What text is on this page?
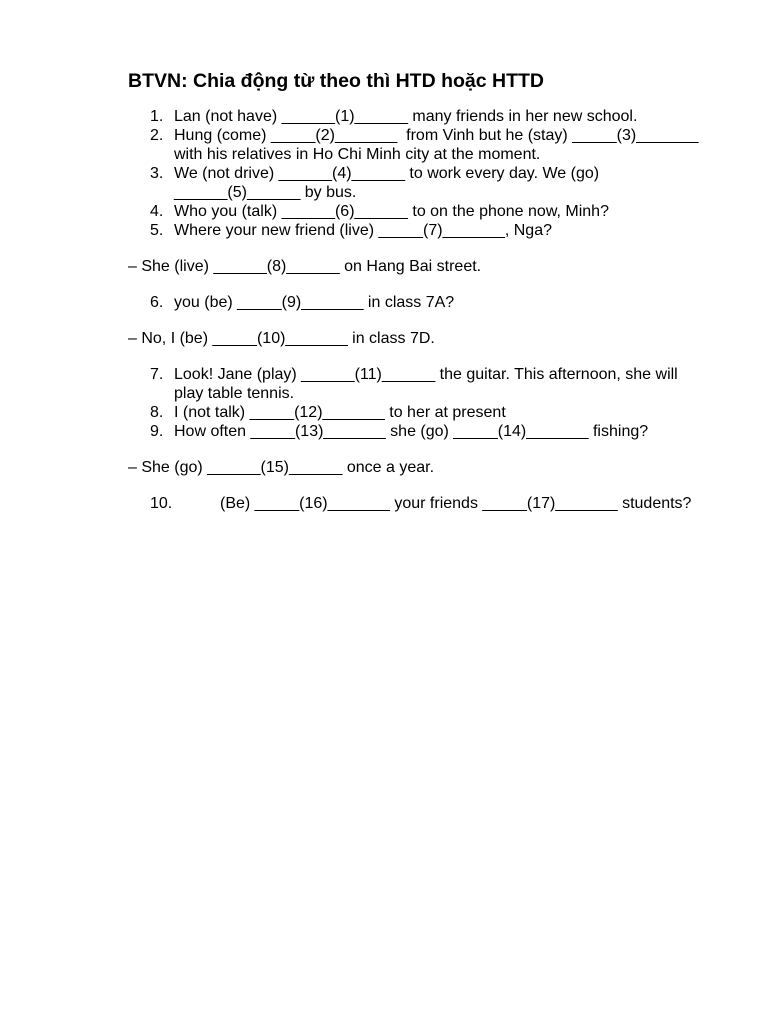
BTVN: Chia động từ theo thì HTD hoặc HTTD
1. Lan (not have) ______(1)______ many friends in her new school.
2. Hung (come) _____(2)_______  from Vinh but he (stay) _____(3)_______ with his relatives in Ho Chi Minh city at the moment.
3. We (not drive) ______(4)______ to work every day. We (go) ______(5)______ by bus.
4. Who you (talk) ______(6)______ to on the phone now, Minh?
5. Where your new friend (live) _____(7)_______, Nga?
– She (live) ______(8)______ on Hang Bai street.
6. you (be) _____(9)_______ in class 7A?
– No, I (be) _____(10)_______ in class 7D.
7. Look! Jane (play) ______(11)______ the guitar. This afternoon, she will play table tennis.
8. I (not talk) _____(12)_______ to her at present
9. How often _____(13)_______ she (go) _____(14)_______ fishing?
– She (go) ______(15)______ once a year.
10.	(Be) _____(16)_______ your friends _____(17)_______ students?
